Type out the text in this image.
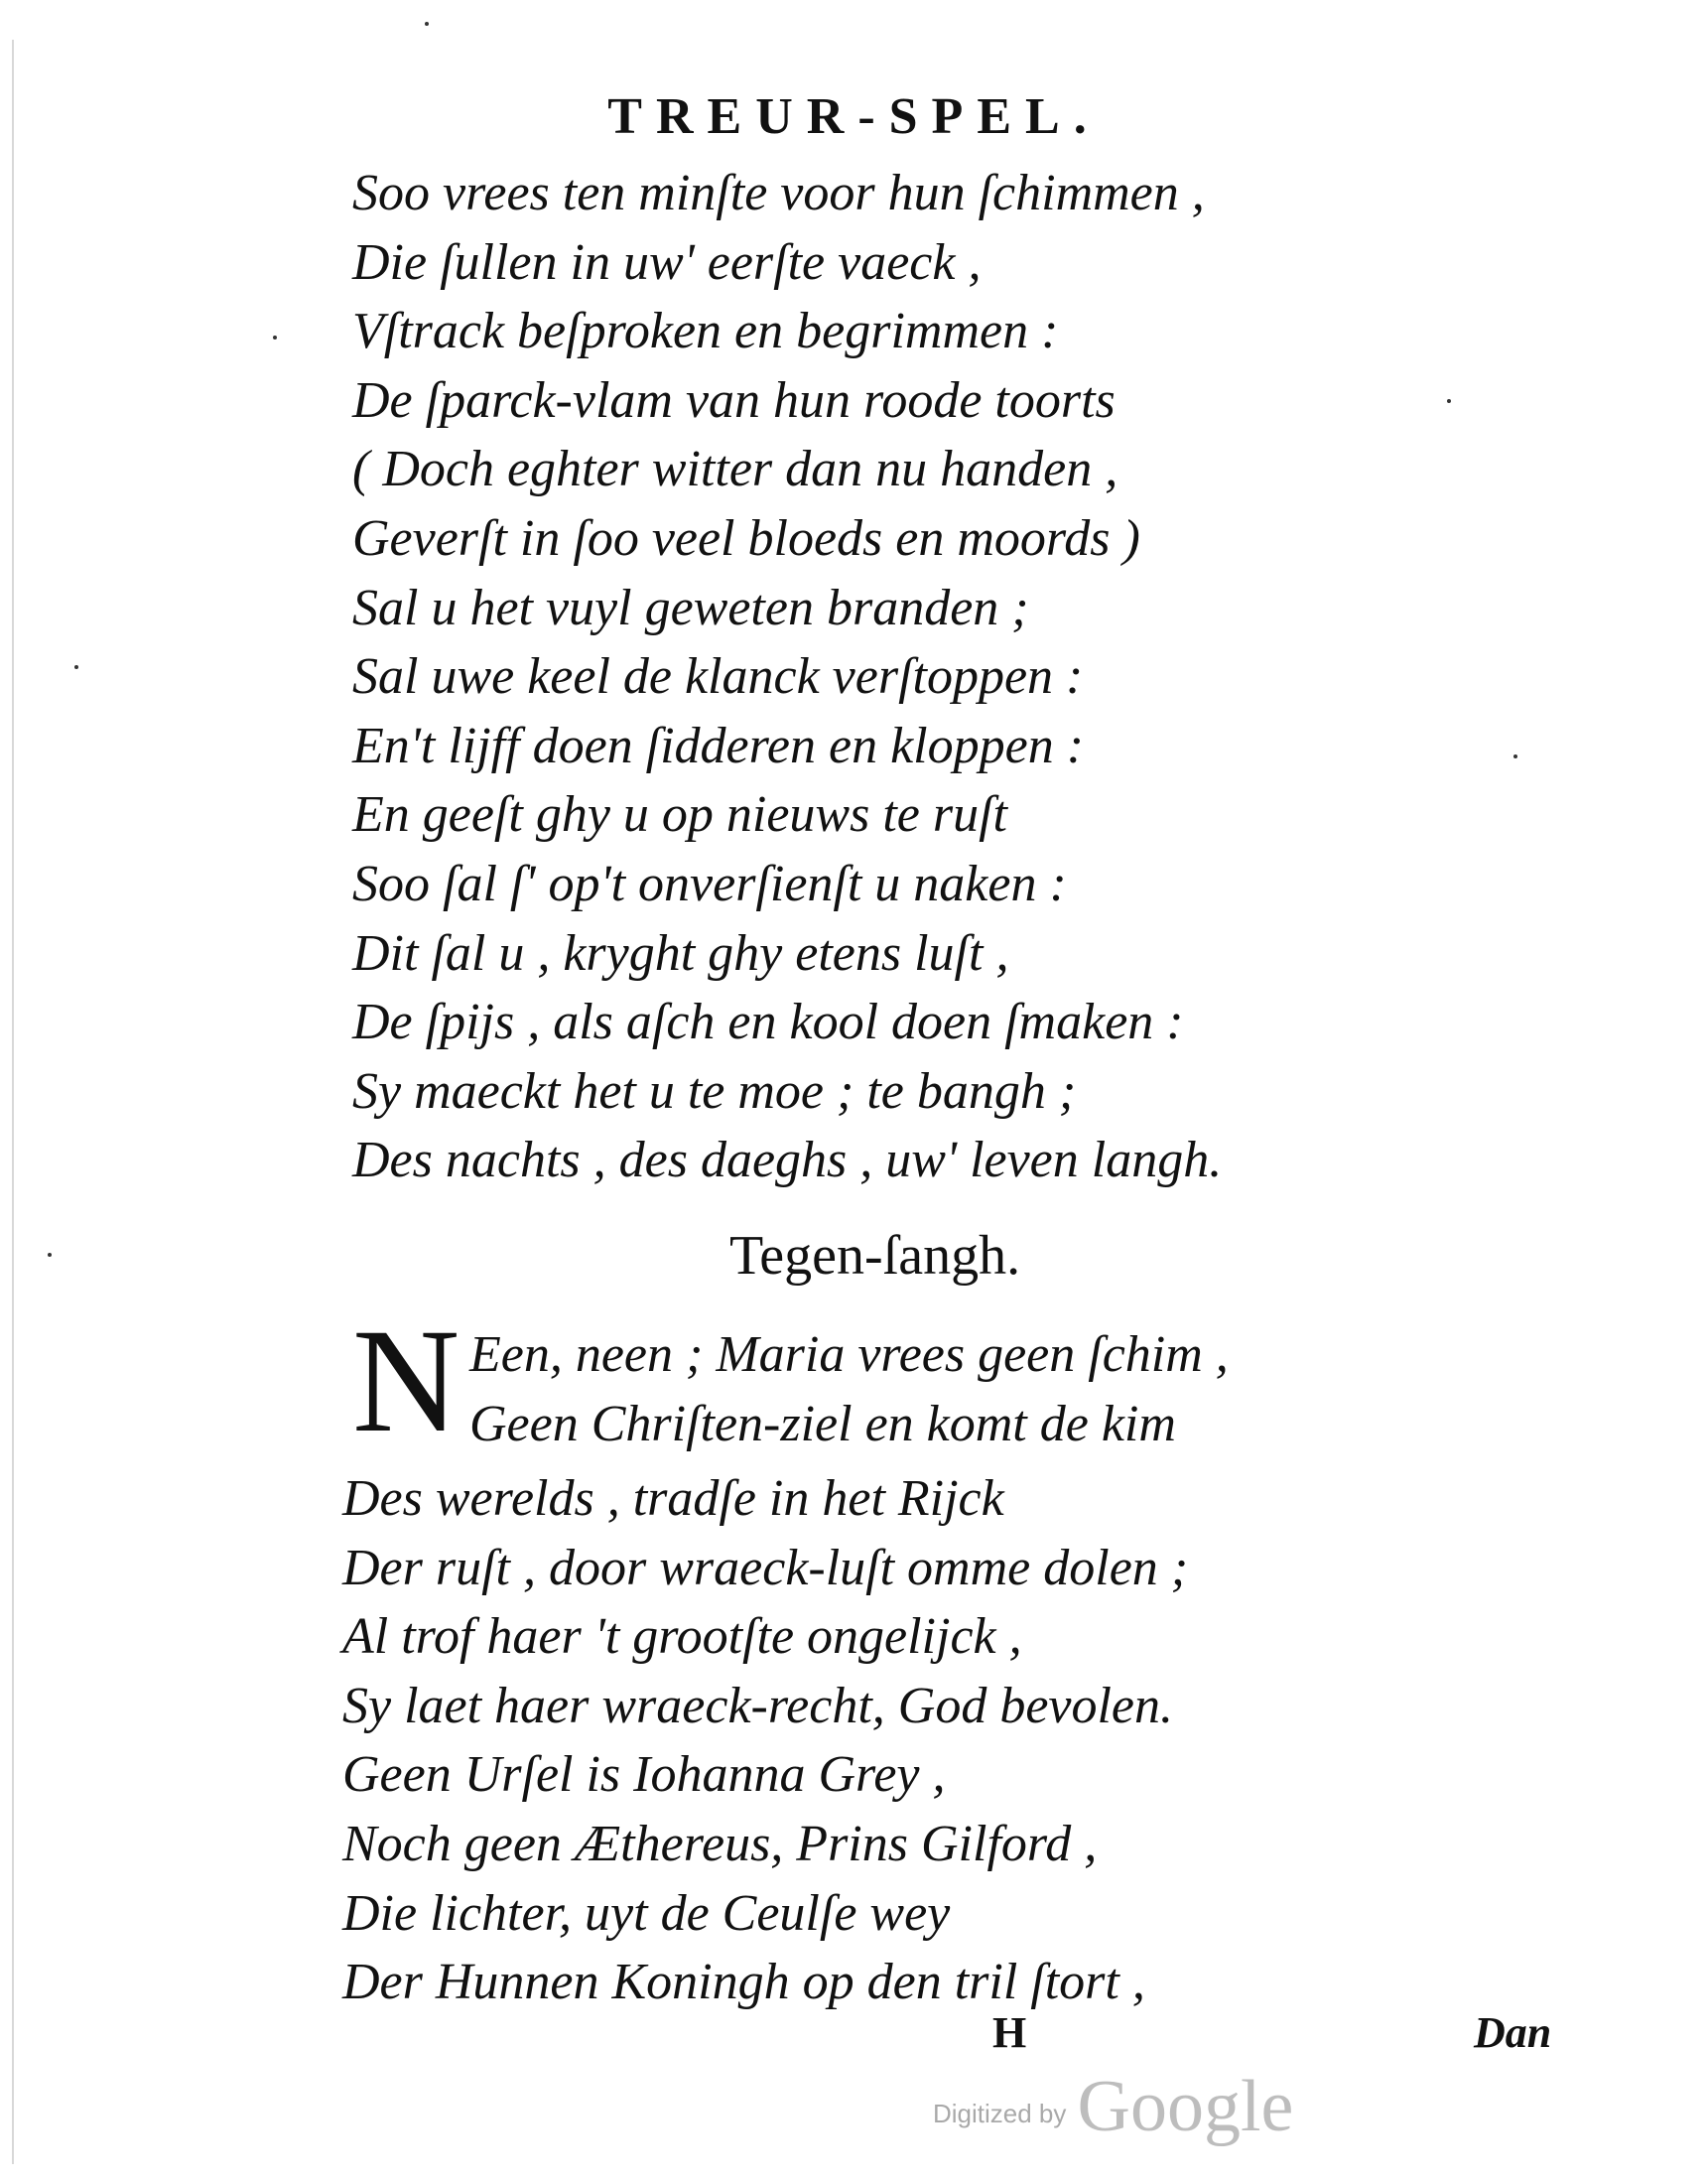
TREUR-SPEL.
Soo vrees ten minſte voor hun ſchimmen ,
Die ſullen in uw' eerſte vaeck ,
Vſtrack beſproken en begrimmen :
De ſparck-vlam van hun roode toorts
( Doch eghter witter dan nu handen ,
Geverſt in ſoo veel bloeds en moords )
Sal u het vuyl geweten branden ;
Sal uwe keel de klanck verſtoppen :
En't lijff doen ſidderen en kloppen :
En geeſt ghy u op nieuws te ruſt
Soo ſal ſ' op't onverſienſt u naken :
Dit ſal u , kryght ghy etens luſt ,
De ſpijs , als aſch en kool doen ſmaken :
Sy maeckt het u te moe ; te bangh ;
Des nachts , des daeghs , uw' leven langh.
Tegen-ſangh.
N Een, neen ; Maria vrees geen ſchim ,
Geen Chriſten-ziel en komt de kim
Des werelds , tradſe in het Rijck
Der ruſt , door wraeck-luſt omme dolen ;
Al trof haer 't grootſte ongelijck ,
Sy laet haer wraeck-recht, God bevolen.
Geen Urſel is Iohanna Grey ,
Noch geen Æthereus, Prins Gilford ,
Die lichter, uyt de Ceulſe wey
Der Hunnen Koningh op den tril ſtort ,
H	Dan
Digitized by Google
